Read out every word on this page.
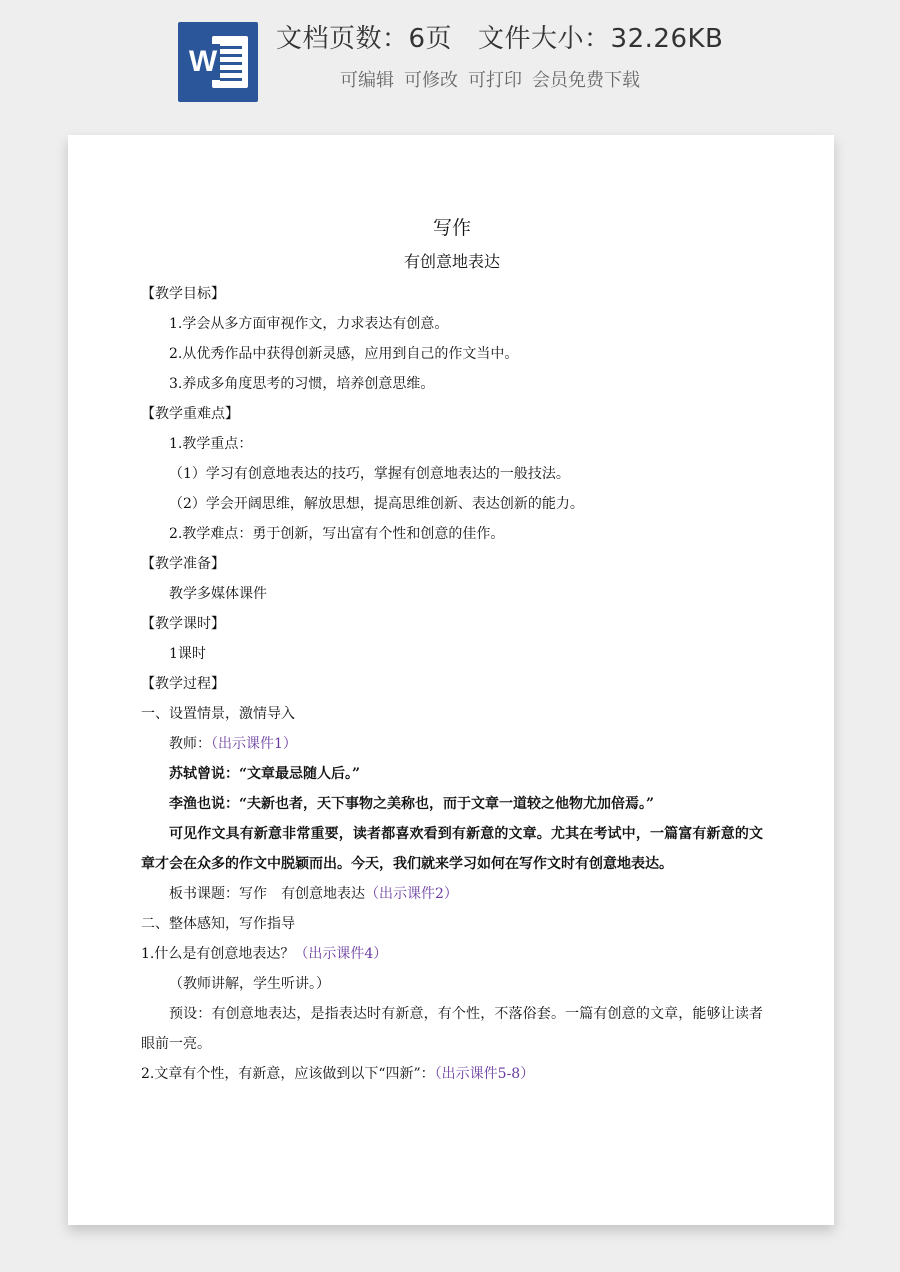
W
文档页数：6页 文件大小：32.26KB
可编辑 可修改 可打印 会员免费下载
写作
有创意地表达
【教学目标】
1.学会从多方面审视作文，力求表达有创意。
2.从优秀作品中获得创新灵感，应用到自己的作文当中。
3.养成多角度思考的习惯，培养创意思维。
【教学重难点】
1.教学重点：
（1）学习有创意地表达的技巧，掌握有创意地表达的一般技法。
（2）学会开阔思维，解放思想，提高思维创新、表达创新的能力。
2.教学难点：勇于创新，写出富有个性和创意的佳作。
【教学准备】
教学多媒体课件
【教学课时】
1课时
【教学过程】
一、设置情景，激情导入
教师：（出示课件1）
苏轼曾说：“文章最忌随人后。”
李渔也说：“夫新也者，天下事物之美称也，而于文章一道较之他物尤加倍焉。”
可见作文具有新意非常重要，读者都喜欢看到有新意的文章。尤其在考试中，一篇富有新意的文章才会在众多的作文中脱颖而出。今天，我们就来学习如何在写作文时有创意地表达。
板书课题：写作　有创意地表达（出示课件2）
二、整体感知，写作指导
1.什么是有创意地表达？（出示课件4）
（教师讲解，学生听讲。）
预设：有创意地表达，是指表达时有新意，有个性，不落俗套。一篇有创意的文章，能够让读者眼前一亮。
2.文章有个性，有新意，应该做到以下“四新”：（出示课件5-8）
